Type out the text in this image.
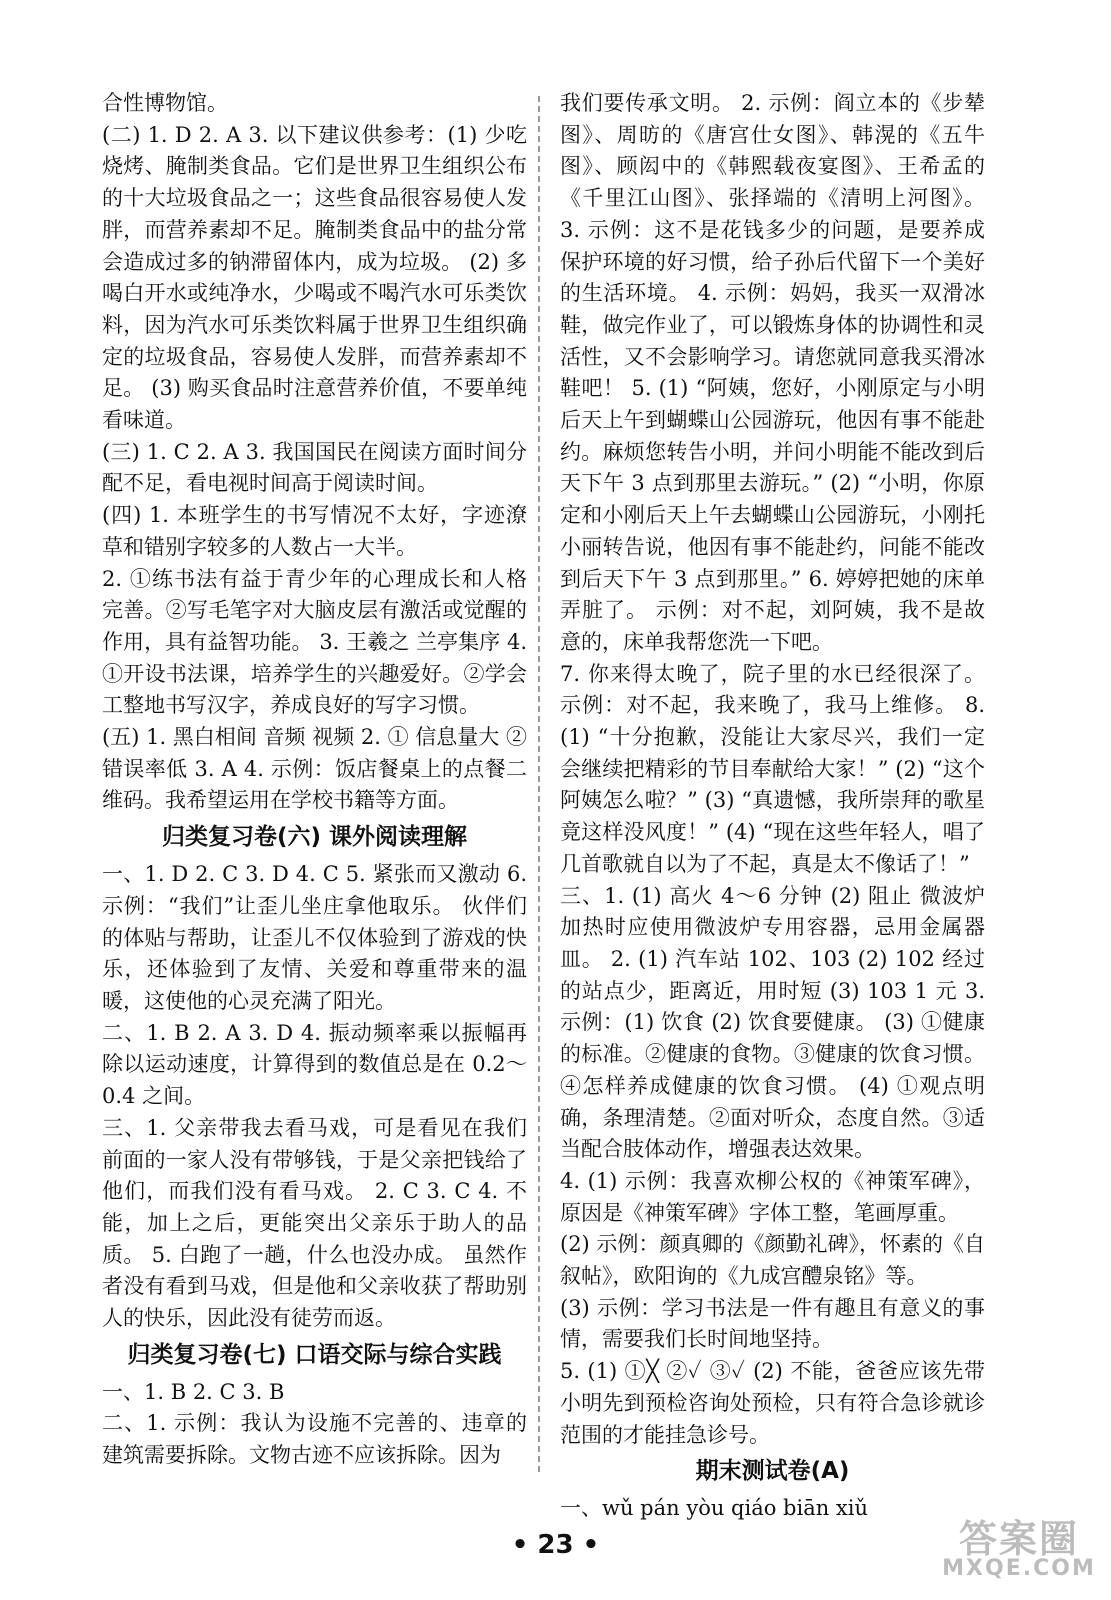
合性博物馆。
(二) 1. D 2. A 3. 以下建议供参考：(1) 少吃烧烤、腌制类食品。它们是世界卫生组织公布的十大垃圾食品之一；这些食品很容易使人发胖，而营养素却不足。腌制类食品中的盐分常会造成过多的钠滞留体内，成为垃圾。 (2) 多喝白开水或纯净水，少喝或不喝汽水可乐类饮料，因为汽水可乐类饮料属于世界卫生组织确定的垃圾食品，容易使人发胖，而营养素却不足。 (3) 购买食品时注意营养价值，不要单纯看味道。
(三) 1. C 2. A 3. 我国国民在阅读方面时间分配不足，看电视时间高于阅读时间。
(四) 1. 本班学生的书写情况不太好，字迹潦草和错别字较多的人数占一大半。
2. ①练书法有益于青少年的心理成长和人格完善。②写毛笔字对大脑皮层有激活或觉醒的作用，具有益智功能。 3. 王羲之 兰亭集序 4. ①开设书法课，培养学生的兴趣爱好。②学会工整地书写汉字，养成良好的写字习惯。
(五) 1. 黑白相间 音频 视频 2. ① 信息量大 ②错误率低 3. A 4. 示例：饭店餐桌上的点餐二维码。我希望运用在学校书籍等方面。
归类复习卷(六) 课外阅读理解
一、1. D 2. C 3. D 4. C 5. 紧张而又激动 6. 示例：“我们”让歪儿坐庄拿他取乐。 伙伴们的体贴与帮助，让歪儿不仅体验到了游戏的快乐，还体验到了友情、关爱和尊重带来的温暖，这使他的心灵充满了阳光。
二、1. B 2. A 3. D 4. 振动频率乘以振幅再除以运动速度，计算得到的数值总是在 0.2～0.4 之间。
三、1. 父亲带我去看马戏，可是看见在我们前面的一家人没有带够钱，于是父亲把钱给了他们，而我们没有看马戏。 2. C 3. C 4. 不能，加上之后，更能突出父亲乐于助人的品质。 5. 白跑了一趟，什么也没办成。 虽然作者没有看到马戏，但是他和父亲收获了帮助别人的快乐，因此没有徒劳而返。
归类复习卷(七) 口语交际与综合实践
一、1. B 2. C 3. B
二、1. 示例：我认为设施不完善的、违章的建筑需要拆除。文物古迹不应该拆除。因为
我们要传承文明。 2. 示例：阎立本的《步辇图》、周昉的《唐宫仕女图》、韩滉的《五牛图》、顾闳中的《韩熙载夜宴图》、王希孟的《千里江山图》、张择端的《清明上河图》。 3. 示例：这不是花钱多少的问题，是要养成保护环境的好习惯，给子孙后代留下一个美好的生活环境。 4. 示例：妈妈，我买一双滑冰鞋，做完作业了，可以锻炼身体的协调性和灵活性，又不会影响学习。请您就同意我买滑冰鞋吧！ 5. (1) “阿姨，您好，小刚原定与小明后天上午到蝴蝶山公园游玩，他因有事不能赴约。麻烦您转告小明，并问小明能不能改到后天下午 3 点到那里去游玩。” (2) “小明，你原定和小刚后天上午去蝴蝶山公园游玩，小刚托小丽转告说，他因有事不能赴约，问能不能改到后天下午 3 点到那里。” 6. 婷婷把她的床单弄脏了。 示例：对不起，刘阿姨，我不是故意的，床单我帮您洗一下吧。
7. 你来得太晚了，院子里的水已经很深了。 示例：对不起，我来晚了，我马上维修。 8. (1) “十分抱歉，没能让大家尽兴，我们一定会继续把精彩的节目奉献给大家！” (2) “这个阿姨怎么啦？” (3) “真遗憾，我所崇拜的歌星竟这样没风度！” (4) “现在这些年轻人，唱了几首歌就自以为了不起，真是太不像话了！”
三、1. (1) 高火 4～6 分钟 (2) 阻止 微波炉加热时应使用微波炉专用容器，忌用金属器皿。 2. (1) 汽车站 102、103 (2) 102 经过的站点少，距离近，用时短 (3) 103 1 元 3. 示例：(1) 饮食 (2) 饮食要健康。 (3) ①健康的标准。②健康的食物。③健康的饮食习惯。④怎样养成健康的饮食习惯。 (4) ①观点明确，条理清楚。②面对听众，态度自然。③适当配合肢体动作，增强表达效果。
4. (1) 示例：我喜欢柳公权的《神策军碑》，原因是《神策军碑》字体工整，笔画厚重。
(2) 示例：颜真卿的《颜勤礼碑》，怀素的《自叙帖》，欧阳询的《九成宫醴泉铭》等。
(3) 示例：学习书法是一件有趣且有意义的事情，需要我们长时间地坚持。
5. (1) ①╳ ②✓ ③✓ (2) 不能，爸爸应该先带小明先到预检咨询处预检，只有符合急诊就诊范围的才能挂急诊号。
期末测试卷(A)
一、wǔ pán yòu qiáo biān xiǔ
• 23 •	答案圈
MXQE.COM
